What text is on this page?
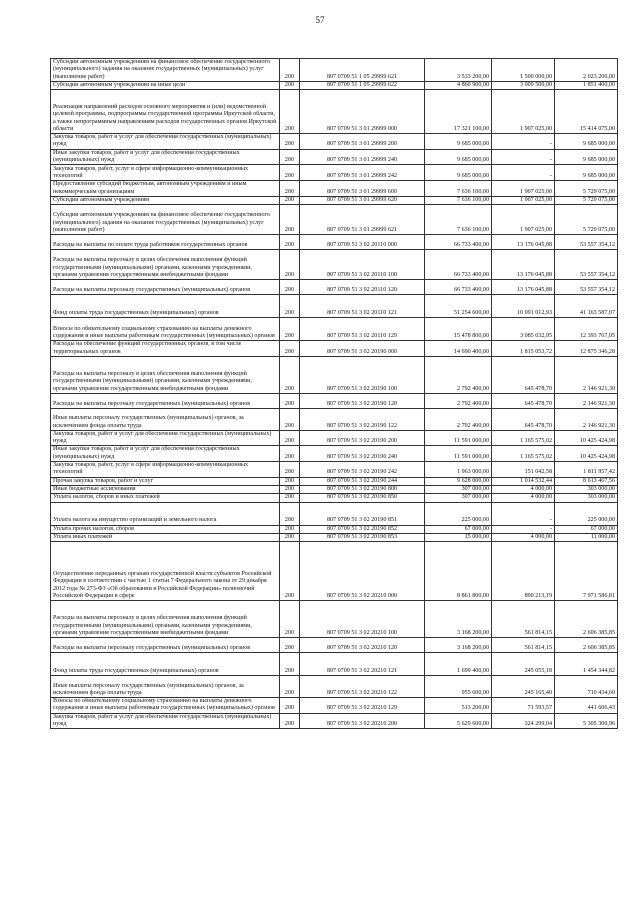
57
Субсидии автономным учреждениям на финансовое обеспечение государственного (муниципального) задания на оказание государственных (муниципальных) услуг (выполнение работ)	200	807 0709 51 1 05 29999 621	3 533 200,00	1 500 000,00	2 023 200,00
Субсидии автономным учреждениям на иные цели	200	807 0709 51 1 05 29999 622	4 860 900,00	3 009 500,00	1 851 400,00
Реализация направлений расходов основного мероприятия и (или) ведомственной целевой программы, подпрограммы государственной программы Иркутской области, а также непрограммным направлениям расходов государственных органов Иркутской области	200	807 0709 51 3 01 29999 000	17 321 100,00	1 907 025,00	15 414 075,00
Закупка товаров, работ и услуг для обеспечения государственных (муниципальных) нужд	200	807 0709 51 3 01 29999 200	9 685 000,00	-	9 685 000,00
Иные закупки товаров, работ и услуг для обеспечения государственных (муниципальных) нужд	200	807 0709 51 3 01 29999 240	9 685 000,00	-	9 685 000,00
Закупка товаров, работ, услуг в сфере информационно-коммуникационных технологий	200	807 0709 51 3 01 29999 242	9 685 000,00	-	9 685 000,00
Предоставление субсидий бюджетным, автономным учреждениям и иным некоммерческим организациям	200	807 0709 51 3 01 29999 600	7 636 100,00	1 907 025,00	5 729 075,00
Субсидии автономным учреждениям	200	807 0709 51 3 01 29999 620	7 636 100,00	1 907 025,00	5 729 075,00
Субсидии автономным учреждениям на финансовое обеспечение государственного (муниципального) задания на оказание государственных (муниципальных) услуг (выполнение работ)	200	807 0709 51 3 01 29999 621	7 636 100,00	1 907 025,00	5 729 075,00
Расходы на выплаты по оплате труда работников государственных органов	200	807 0709 51 3 02 20110 000	66 733 400,00	13 176 045,88	53 557 354,12
Расходы на выплаты персоналу в целях обеспечения выполнения функций государственными (муниципальными) органами, казенными учреждениями, органами управления государственными внебюджетными фондами	200	807 0709 51 3 02 20110 100	66 733 400,00	13 176 045,88	53 557 354,12
Расходы на выплаты персоналу государственных (муниципальных) органов	200	807 0709 51 3 02 20110 120	66 733 400,00	13 176 045,88	53 557 354,12
Фонд оплаты труда государственных (муниципальных) органов	200	807 0709 51 3 02 20110 121	51 254 600,00	10 091 012,93	41 163 587,07
Взносы по обязательному социальному страхованию на выплаты денежного содержания и иные выплаты работникам государственных (муниципальных) органов	200	807 0709 51 3 02 20110 129	15 478 800,00	3 085 032,95	12 393 767,05
Расходы на обеспечение функций государственных органов, в том числе территориальных органов	200	807 0709 51 3 02 20190 000	14 690 400,00	1 815 053,72	12 875 346,28
Расходы на выплаты персоналу в целях обеспечения выполнения функций государственными (муниципальными) органами, казенными учреждениями, органами управления государственными внебюджетными фондами	200	807 0709 51 3 02 20190 100	2 792 400,00	645 478,70	2 146 921,30
Расходы на выплаты персоналу государственных (муниципальных) органов	200	807 0709 51 3 02 20190 120	2 792 400,00	645 478,70	2 146 921,30
Иные выплаты персоналу государственных (муниципальных) органов, за исключением фонда оплаты труда	200	807 0709 51 3 02 20190 122	2 792 400,00	645 478,70	2 146 921,30
Закупка товаров, работ и услуг для обеспечения государственных (муниципальных) нужд	200	807 0709 51 3 02 20190 200	11 591 000,00	1 165 575,02	10 425 424,98
Иные закупки товаров, работ и услуг для обеспечения государственных (муниципальных) нужд	200	807 0709 51 3 02 20190 240	11 591 000,00	1 165 575,02	10 425 424,98
Закупка товаров, работ, услуг в сфере информационно-коммуникационных технологий	200	807 0709 51 3 02 20190 242	1 963 000,00	151 042,58	1 811 957,42
Прочая закупка товаров, работ и услуг	200	807 0709 51 3 02 20190 244	9 628 000,00	1 014 532,44	8 613 467,56
Иные бюджетные ассигнования	200	807 0709 51 3 02 20190 800	307 000,00	4 000,00	303 000,00
Уплата налогов, сборов и иных платежей	200	807 0709 51 3 02 20190 850	307 000,00	4 000,00	303 000,00
Уплата налога на имущество организаций и земельного налога	200	807 0709 51 3 02 20190 851	225 000,00	-	225 000,00
Уплата прочих налогов, сборов	200	807 0709 51 3 02 20190 852	67 000,00	-	67 000,00
Уплата иных платежей	200	807 0709 51 3 02 20190 853	15 000,00	4 000,00	11 000,00
Осуществление переданных органам государственной власти субъектов Российской Федерации в соответствии с частью 1 статьи 7 Федерального закона от 29 декабря 2012 года № 273-ФЗ «Об образовании в Российской Федерации» полномочий Российской Федерации в сфере	200	807 0709 51 3 02 20210 000	8 861 800,00	890 213,19	7 971 586,81
Расходы на выплаты персоналу в целях обеспечения выполнения функций государственными (муниципальными) органами, казенными учреждениями, органами управления государственными внебюджетными фондами	200	807 0709 51 3 02 20210 100	3 168 200,00	561 814,15	2 606 385,85
Расходы на выплаты персоналу государственных (муниципальных) органов	200	807 0709 51 3 02 20210 120	3 168 200,00	561 814,15	2 606 385,85
Фонд оплаты труда государственных (муниципальных) органов	200	807 0709 51 3 02 20210 121	1 699 400,00	245 055,18	1 454 344,82
Иные выплаты персоналу государственных (муниципальных) органов, за исключением фонда оплаты труда	200	807 0709 51 3 02 20210 122	955 600,00	245 165,40	710 434,60
Взносы по обязательному социальному страхованию на выплаты денежного содержания и иные выплаты работникам государственных (муниципальных) органов	200	807 0709 51 3 02 20210 129	513 200,00	71 593,57	441 606,43
Закупка товаров, работ и услуг для обеспечения государственных (муниципальных) нужд	200	807 0709 51 3 02 20210 200	5 629 600,00	324 299,04	5 305 300,96
